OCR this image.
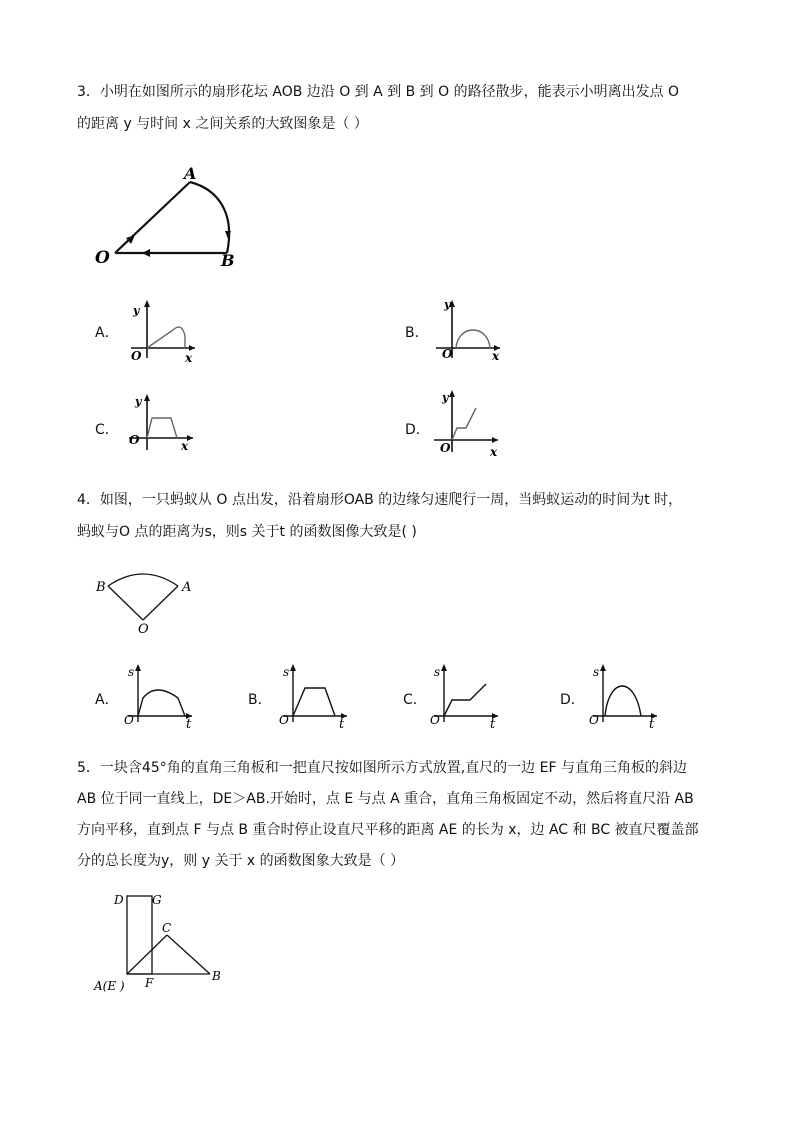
3．小明在如图所示的扇形花坛 AOB 边沿 O 到 A 到 B 到 O 的路径散步，能表示小明离出发点 O
的距离 y 与时间 x 之间关系的大致图象是（ ）
A
O	B
A．
y
O	x
B．
y
O	x
C．
y
O	x
D．
y
O	x
4．如图，一只蚂蚁从 O 点出发，沿着扇形OAB 的边缘匀速爬行一周，当蚂蚁运动的时间为t 时，
蚂蚁与O 点的距离为s，则s 关于t 的函数图像大致是( )
B	A
O
A．
s
O	t
B．
s
O	t
C．
s
O	t
D．
s
O	t
5．一块含45°角的直角三角板和一把直尺按如图所示方式放置,直尺的一边 EF 与直角三角板的斜边
AB 位于同一直线上，DE＞AB.开始时，点 E 与点 A 重合，直角三角板固定不动，然后将直尺沿 AB
方向平移，直到点 F 与点 B 重合时停止设直尺平移的距离 AE 的长为 x，边 AC 和 BC 被直尺覆盖部
分的总长度为y，则 y 关于 x 的函数图象大致是（ ）
D G
C
A(E ) F	B
